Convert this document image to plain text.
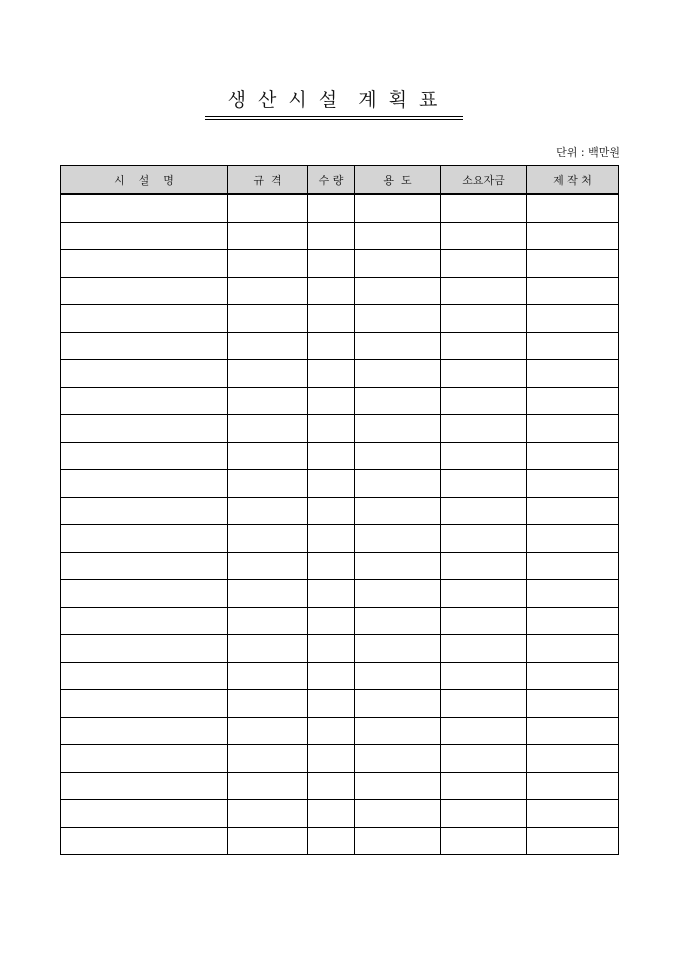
생 산 시 설  계 획 표
단위 : 백만원
시    설    명	규  격	수 량	용  도	소요자금	제 작 처
